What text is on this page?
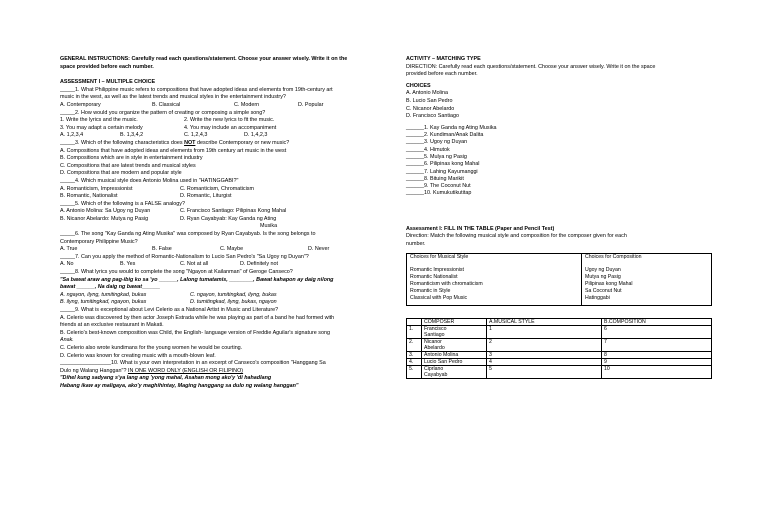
GENERAL INSTRUCTIONS: Carefully read each questions/statement. Choose your answer wisely. Write it on the
space provided before each number.
ASSESSMENT I – MULTIPLE CHOICE
_____1. What Philippine music refers to compositions that have adopted ideas and elements from 19th-century art
music in the west, as well as the latest trends and musical styles in the entertainment industry?
A. Contemporary	B. Classical	C. Modern	D. Popular
_____2. How would you organize the pattern of creating or composing a simple song?
1. Write the lyrics and the music.	2. Write the new lyrics to fit the music.
3. You may adapt a certain melody	4. You may include an accompaniment
A. 1,2,3,4	B. 1,3,4,2	C. 1,2,4,3	D. 1,4,2,3
_____3. Which of the following characteristics does NOT describe Contemporary or new music?
A. Compositions that have adopted ideas and elements from 19th century art music in the west
B. Compositions which are in style in entertainment industry
C. Compositions that are latest trends and musical styles
D. Compositions that are modern and popular style
_____4. Which musical style does Antonio Molina used in "HATINGGABI?"
A. Romanticism, Impressionist	C. Romanticism, Chromaticism
B. Romantic, Nationalist	D. Romantic, Liturgist
_____5. Which of the following is a FALSE analogy?
A. Antonio Molina: Sa Ugoy ng Duyan	C. Francisco Santiago: Pilipinas Kong Mahal
B. Nicanor Abelardo: Mutya ng Pasig	D. Ryan Cayabyab: Kay Ganda ng Ating
Musika
_____6. The song "Kay Ganda ng Ating Musika" was composed by Ryan Cayabyab. Is the song belongs to
Contemporary Philippine Music?
A. True	B. False	C. Maybe	D. Never
_____7. Can you apply the method of Romantic-Nationalism to Lucio San Pedro's "Sa Ugoy ng Duyan"?
A. No	B. Yes	C. Not at all	D. Definitely not
_____8. What lyrics you would to complete the song "Ngayon at Kailanman" of Geroge Canseco?
"Sa bawat araw ang pag-ibig ko sa 'yo ______, Lalong tumatamis, ________, Bawat kahapon ay daig ni/ong
bawat ______, Na daig ng bawat______
A. ngayon, ilyng, tumitingkad, bukas	C. ngayon, tumitingkad, ilyng, bukas
B. ilyng, tumitingkad, ngayon, bukas	D. tumitingkad, ilyng, bukas, ngayon
_____9. What is exceptional about Levi Celerio as a National Artist in Music and Literature?
A. Celerio was discovered by then actor Joseph Estrada while he was playing as part of a band he had formed with
friends at an exclusive restaurant in Makati.
B. Celerio's best-known composition was Child, the English- language version of Freddie Aguilar's signature song
Anak.
C. Celerio also wrote kundimans for the young women he would be courting.
D. Celerio was known for creating music with a mouth-blown leaf.
_________________10. What is your own interpretation in an excerpt of Canseco's composition "Hanggang Sa
Dulo ng Walang Hanggan"? IN ONE WORD ONLY (ENGLISH OR FILIPINO)
"Dihel kung sadyang s'ya lang ang 'yong mahal, Asahan mong ako'y 'di hahadlang
Habang ikaw ay maligaya, ako'y maghihintay, Maging hanggang sa dulo ng walang hanggan"
ACTIVITY – MATCHING TYPE
DIRECTION: Carefully read each questions/statement. Choose your answer wisely. Write it on the space
provided before each number.
CHOICES
A. Antonio Molina
B. Lucio San Pedro
C. Nicanor Abelardo
D. Francisco Santiago
______1. Kay Ganda ng Ating Musika
______2. Kundiman/Anak Dalita
______3. Ugoy ng Duyan
______4. Himutok
______5. Mulya ng Pasig
______6. Pilipinas kong Mahal
______7. Lahing Kayumanggi
______8. Bituing Marikit
______9. The Coconut Nut
______10. Kumukutikutitap
Assessment I: FILL IN THE TABLE (Paper and Pencil Test)
Direction: Match the following musical style and composition for the composer given for each
number.
Choices for Musical Style
Romantic Impressionist
Romantic Nationalist
Romanticism with chromaticism
Romantic in Style
Classical with Pop Music
Choices for Composition
Ugoy ng Duyan
Mutya ng Pasig
Pilipinas kong Mahal
Sa Coconut Nut
Hatinggabi
	COMPOSER	A.MUSICAL STYLE	B.COMPOSITION
1.	Francisco
Santiago	1	6
2.	Nicanor
Abelardo	2	7
3.	Antonio Molina	3	8
4.	Lucio San Pedro	4	9
5.	Ciprlano
Cayabyab	5	10
